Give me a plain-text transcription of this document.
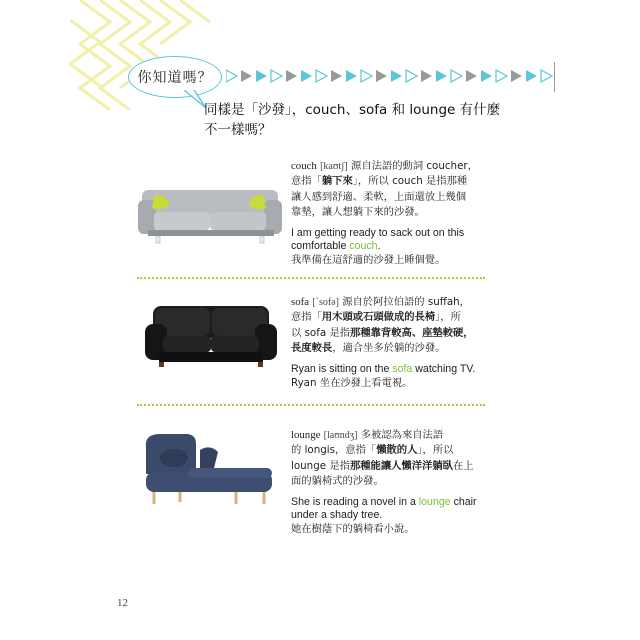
你知道嗎？
同樣是「沙發」，couch、sofa 和 lounge 有什麼
不一樣嗎？
couch [kaʊtʃ] 源自法語的動詞 coucher，
意指「躺下來」，所以 couch 是指那種
讓人感到舒適、柔軟，上面還放上幾個
靠墊，讓人想躺下來的沙發。
I am getting ready to sack out on this comfortable couch.
我準備在這舒適的沙發上睡個覺。
sofa [ˋsofə] 源自於阿拉伯語的 suffah，
意指「用木頭或石頭做成的長椅」，所
以 sofa 是指那種靠背較高、座墊較硬，
長度較長，適合坐多於躺的沙發。
Ryan is sitting on the sofa watching TV.
Ryan 坐在沙發上看電視。
lounge [laʊndʒ] 多被認為來自法語
的 longis，意指「懶散的人」，所以
lounge 是指那種能讓人懶洋洋躺臥在上
面的躺椅式的沙發。
She is reading a novel in a lounge chair under a shady tree.
她在樹蔭下的躺椅看小說。
12
